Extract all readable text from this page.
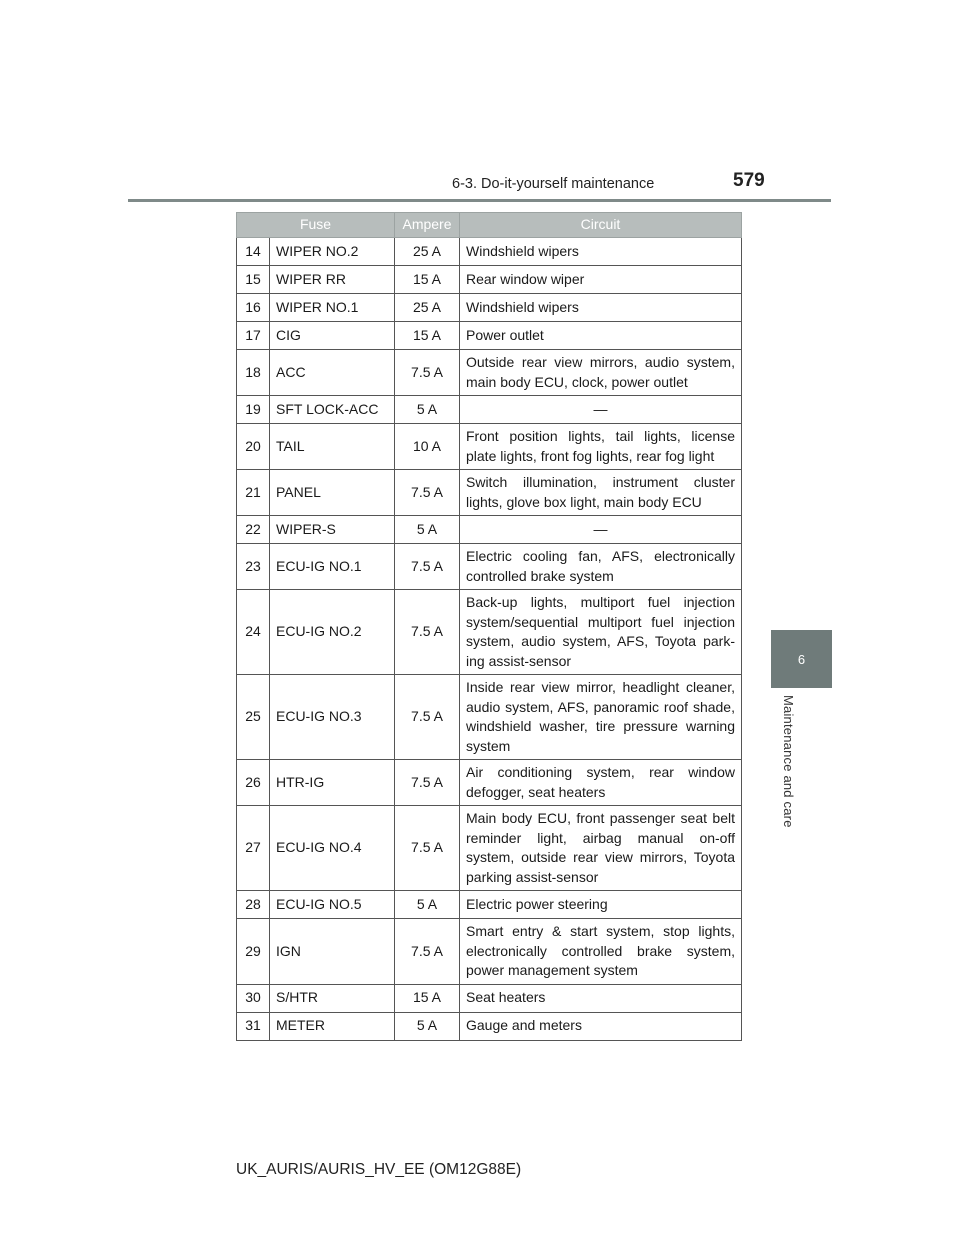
6-3. Do-it-yourself maintenance	579
6
Maintenance and care
Fuse		Ampere	Circuit
14	WIPER NO.2	25 A	Windshield wipers
15	WIPER RR	15 A	Rear window wiper
16	WIPER NO.1	25 A	Windshield wipers
17	CIG	15 A	Power outlet
18	ACC	7.5 A	Outside rear view mirrors, audio system, main body ECU, clock, power outlet
19	SFT LOCK-ACC	5 A	—
20	TAIL	10 A	Front position lights, tail lights, license plate lights, front fog lights, rear fog light
21	PANEL	7.5 A	Switch illumination, instrument cluster lights, glove box light, main body ECU
22	WIPER-S	5 A	—
23	ECU-IG NO.1	7.5 A	Electric cooling fan, AFS, electronically controlled brake system
24	ECU-IG NO.2	7.5 A	Back-up lights, multiport fuel injection system/sequential multiport fuel injection system, audio system, AFS, Toyota park-ing assist-sensor
25	ECU-IG NO.3	7.5 A	Inside rear view mirror, headlight cleaner, audio system, AFS, panoramic roof shade, windshield washer, tire pressure warning system
26	HTR-IG	7.5 A	Air conditioning system, rear window defogger, seat heaters
27	ECU-IG NO.4	7.5 A	Main body ECU, front passenger seat belt reminder light, airbag manual on-off system, outside rear view mirrors, Toyota parking assist-sensor
28	ECU-IG NO.5	5 A	Electric power steering
29	IGN	7.5 A	Smart entry & start system, stop lights, electronically controlled brake system, power management system
30	S/HTR	15 A	Seat heaters
31	METER	5 A	Gauge and meters
UK_AURIS/AURIS_HV_EE (OM12G88E)
